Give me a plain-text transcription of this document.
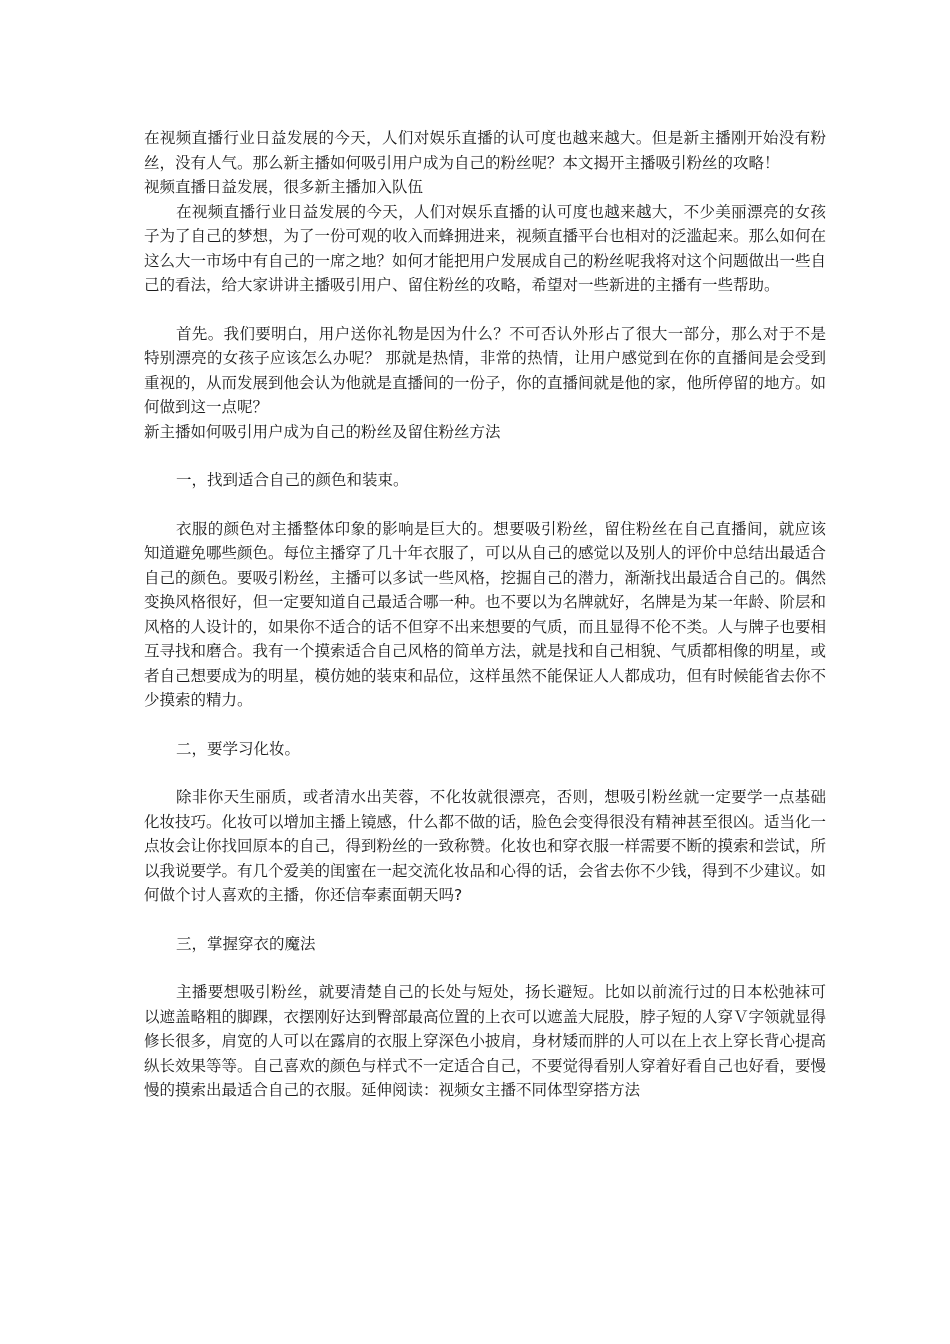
在视频直播行业日益发展的今天，人们对娱乐直播的认可度也越来越大。但是新主播刚开始没有粉丝，没有人气。那么新主播如何吸引用户成为自己的粉丝呢？本文揭开主播吸引粉丝的攻略！

视频直播日益发展，很多新主播加入队伍

在视频直播行业日益发展的今天，人们对娱乐直播的认可度也越来越大，不少美丽漂亮的女孩子为了自己的梦想，为了一份可观的收入而蜂拥进来，视频直播平台也相对的泛滥起来。那么如何在这么大一市场中有自己的一席之地？如何才能把用户发展成自己的粉丝呢我将对这个问题做出一些自己的看法，给大家讲讲主播吸引用户、留住粉丝的攻略，希望对一些新进的主播有一些帮助。

首先。我们要明白，用户送你礼物是因为什么？不可否认外形占了很大一部分，那么对于不是特别漂亮的女孩子应该怎么办呢？ 那就是热情，非常的热情，让用户感觉到在你的直播间是会受到重视的，从而发展到他会认为他就是直播间的一份子，你的直播间就是他的家，他所停留的地方。如何做到这一点呢？

新主播如何吸引用户成为自己的粉丝及留住粉丝方法

一，找到适合自己的颜色和装束。

衣服的颜色对主播整体印象的影响是巨大的。想要吸引粉丝，留住粉丝在自己直播间，就应该知道避免哪些颜色。每位主播穿了几十年衣服了，可以从自己的感觉以及别人的评价中总结出最适合自己的颜色。要吸引粉丝，主播可以多试一些风格，挖掘自己的潜力，渐渐找出最适合自己的。偶然变换风格很好，但一定要知道自己最适合哪一种。也不要以为名牌就好，名牌是为某一年龄、阶层和风格的人设计的，如果你不适合的话不但穿不出来想要的气质，而且显得不伦不类。人与牌子也要相互寻找和磨合。我有一个摸索适合自己风格的简单方法，就是找和自己相貌、气质都相像的明星，或者自己想要成为的明星，模仿她的装束和品位，这样虽然不能保证人人都成功，但有时候能省去你不少摸索的精力。

二，要学习化妆。

除非你天生丽质，或者清水出芙蓉，不化妆就很漂亮，否则，想吸引粉丝就一定要学一点基础化妆技巧。化妆可以增加主播上镜感，什么都不做的话，脸色会变得很没有精神甚至很凶。适当化一点妆会让你找回原本的自己，得到粉丝的一致称赞。化妆也和穿衣服一样需要不断的摸索和尝试，所以我说要学。有几个爱美的闺蜜在一起交流化妆品和心得的话，会省去你不少钱，得到不少建议。如何做个讨人喜欢的主播，你还信奉素面朝天吗?

三，掌握穿衣的魔法

主播要想吸引粉丝，就要清楚自己的长处与短处，扬长避短。比如以前流行过的日本松弛袜可以遮盖略粗的脚踝，衣摆刚好达到臀部最高位置的上衣可以遮盖大屁股，脖子短的人穿Ｖ字领就显得修长很多，肩宽的人可以在露肩的衣服上穿深色小披肩，身材矮而胖的人可以在上衣上穿长背心提高纵长效果等等。自己喜欢的颜色与样式不一定适合自己，不要觉得看别人穿着好看自己也好看，要慢慢的摸索出最适合自己的衣服。延伸阅读：视频女主播不同体型穿搭方法
